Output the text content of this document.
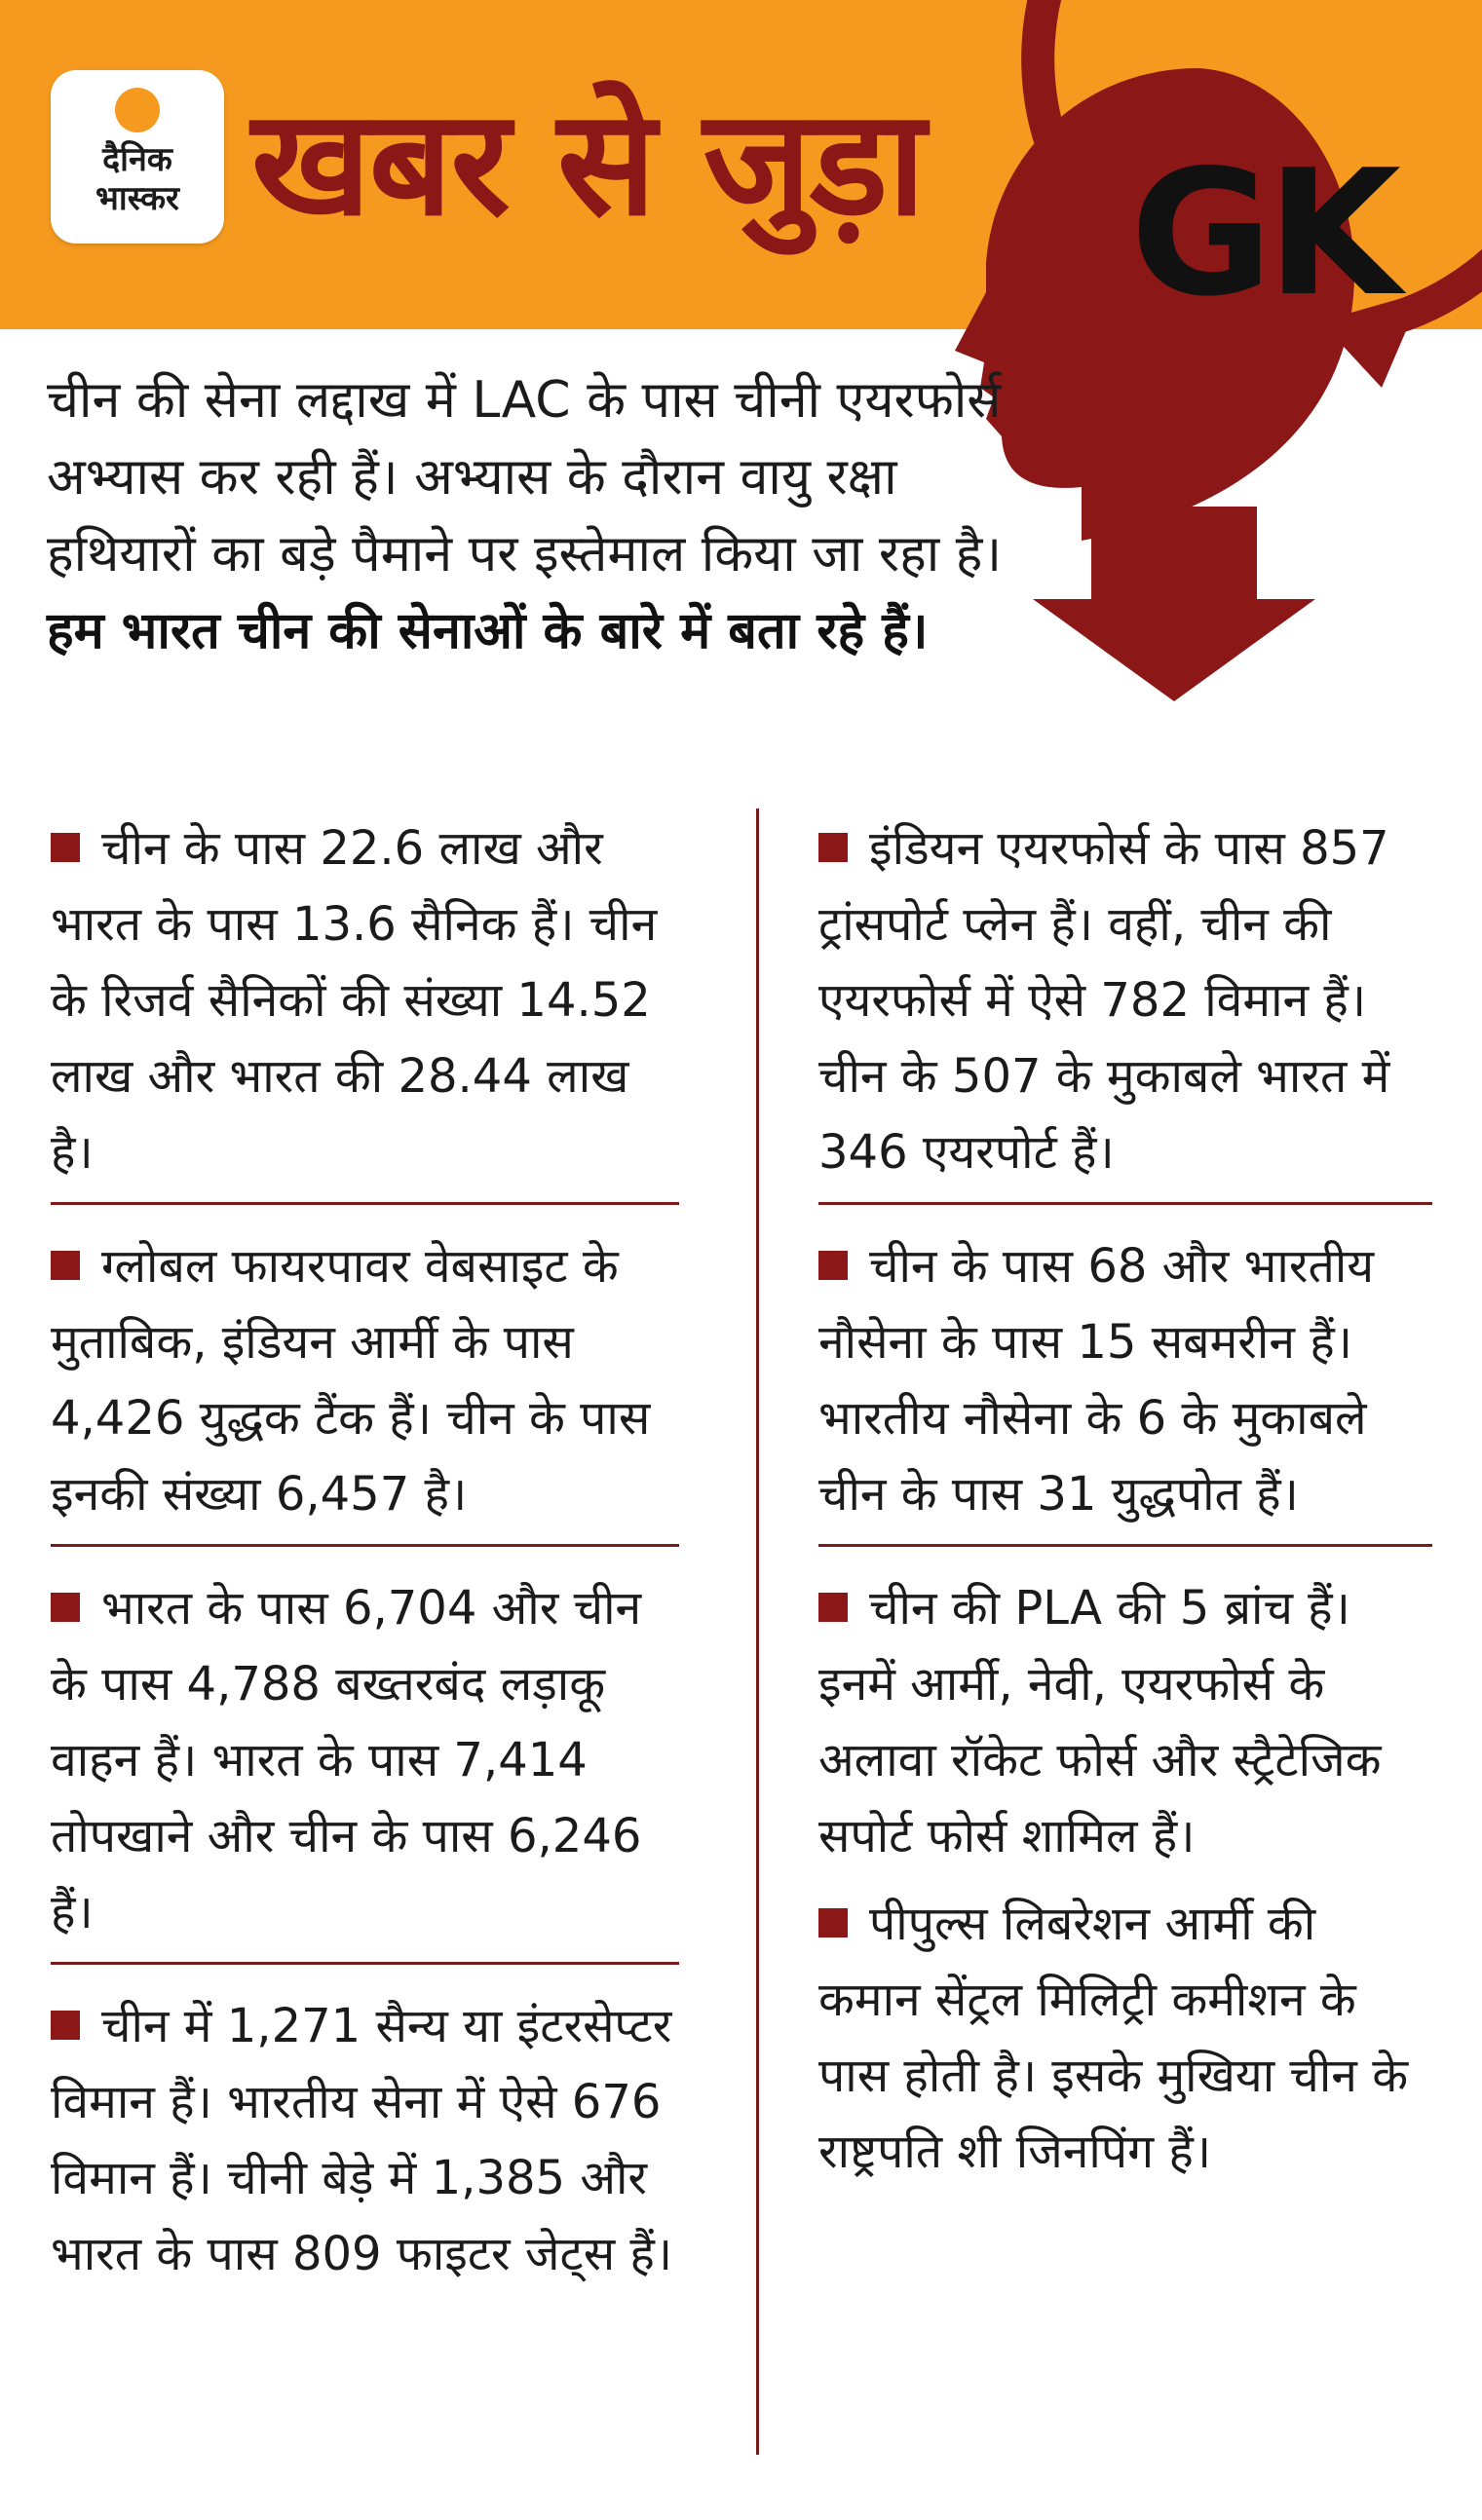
दैनिक
भास्कर खबर से जुड़ा GK
चीन की सेना लद्दाख में LAC के पास चीनी एयरफोर्स अभ्यास कर रही हैं। अभ्यास के दौरान वायु रक्षा हथियारों का बड़े पैमाने पर इस्तेमाल किया जा रहा है। हम भारत चीन की सेनाओं के बारे में बता रहे हैं।
चीन के पास 22.6 लाख और भारत के पास 13.6 सैनिक हैं। चीन के रिजर्व सैनिकों की संख्या 14.52 लाख और भारत की 28.44 लाख है।
ग्लोबल फायरपावर वेबसाइट के मुताबिक, इंडियन आर्मी के पास 4,426 युद्धक टैंक हैं। चीन के पास इनकी संख्या 6,457 है।
भारत के पास 6,704 और चीन के पास 4,788 बख्तरबंद लड़ाकू वाहन हैं। भारत के पास 7,414 तोपखाने और चीन के पास 6,246 हैं।
चीन में 1,271 सैन्य या इंटरसेप्टर विमान हैं। भारतीय सेना में ऐसे 676 विमान हैं। चीनी बेड़े में 1,385 और भारत के पास 809 फाइटर जेट्स हैं।
इंडियन एयरफोर्स के पास 857 ट्रांसपोर्ट प्लेन हैं। वहीं, चीन की एयरफोर्स में ऐसे 782 विमान हैं। चीन के 507 के मुकाबले भारत में 346 एयरपोर्ट हैं।
चीन के पास 68 और भारतीय नौसेना के पास 15 सबमरीन हैं। भारतीय नौसेना के 6 के मुकाबले चीन के पास 31 युद्धपोत हैं।
चीन की PLA की 5 ब्रांच हैं। इनमें आर्मी, नेवी, एयरफोर्स के अलावा रॉकेट फोर्स और स्ट्रैटेजिक सपोर्ट फोर्स शामिल हैं।
पीपुल्स लिबरेशन आर्मी की कमान सेंट्रल मिलिट्री कमीशन के पास होती है। इसके मुखिया चीन के राष्ट्रपति शी जिनपिंग हैं।
